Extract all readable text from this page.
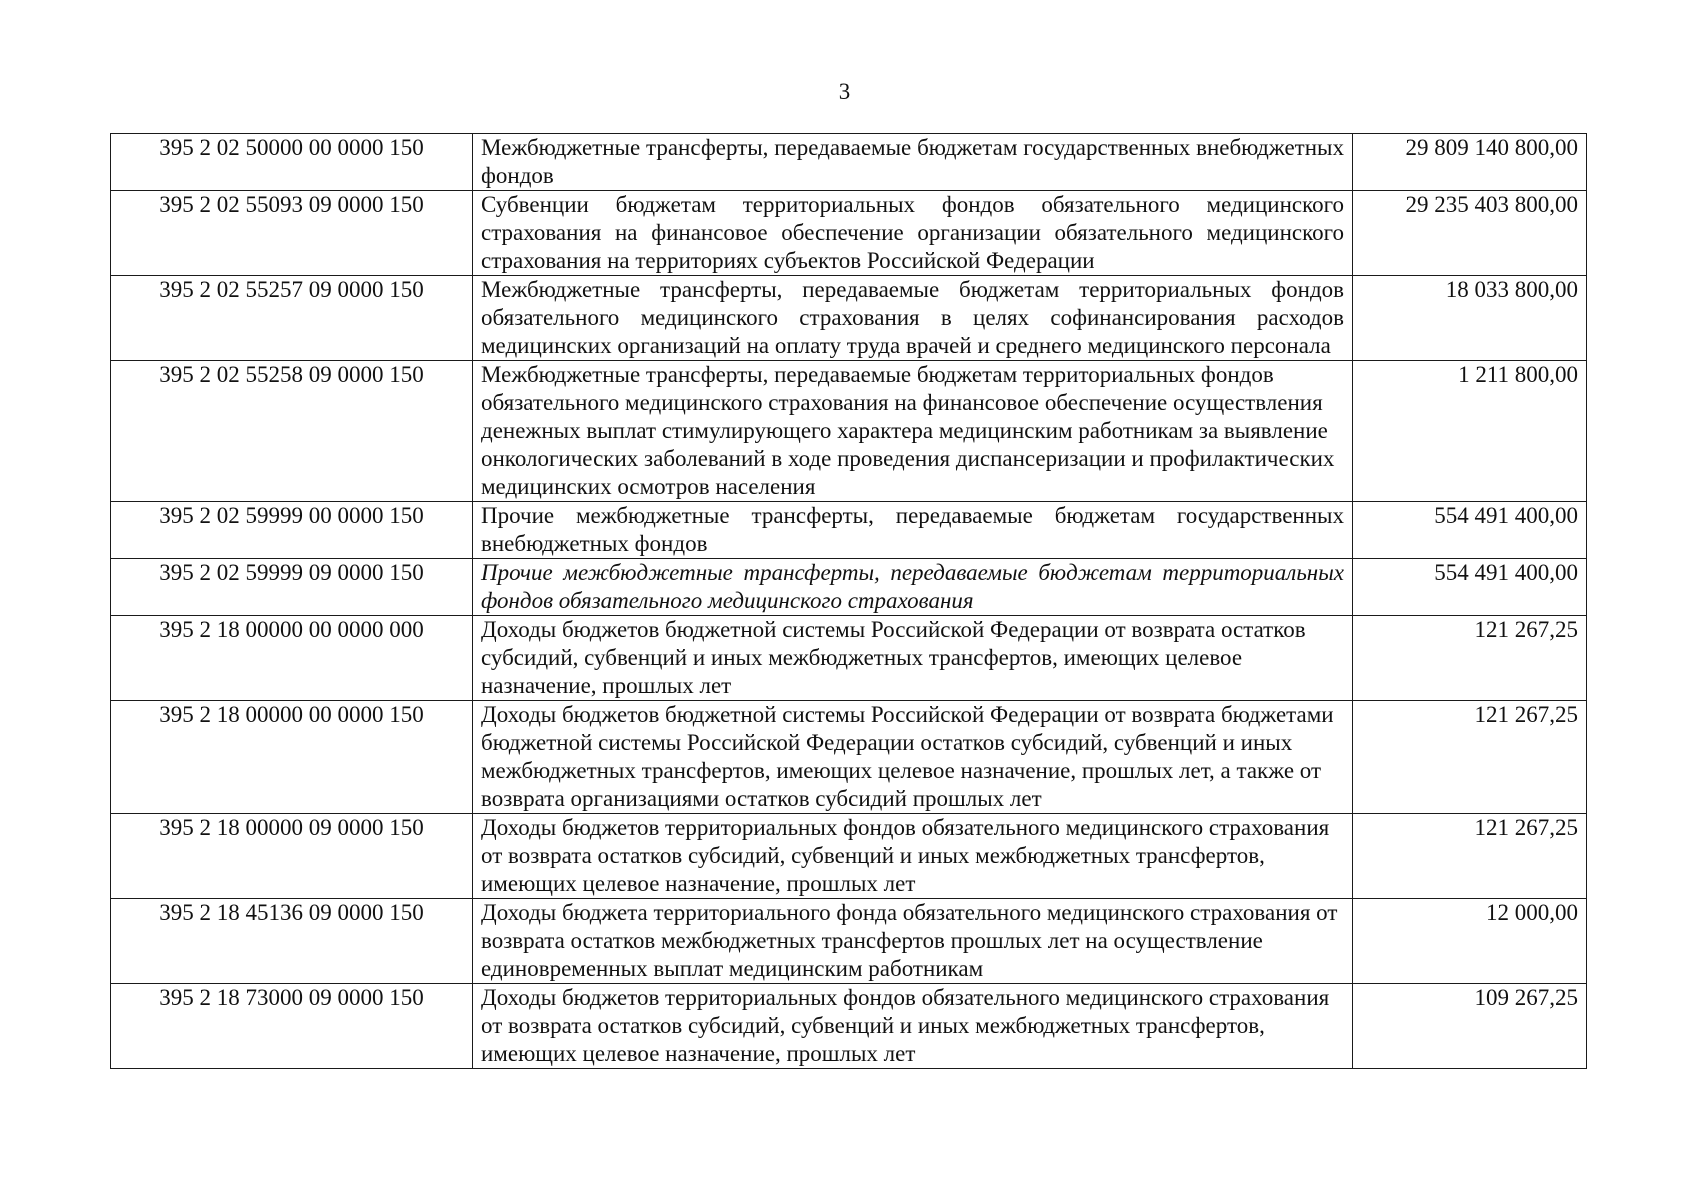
3
395 2 02 50000 00 0000 150	Межбюджетные трансферты, передаваемые бюджетам государственных внебюджетных фондов	29 809 140 800,00
395 2 02 55093 09 0000 150	Субвенции бюджетам территориальных фондов обязательного медицинского страхования на финансовое обеспечение организации обязательного медицинского страхования на территориях субъектов Российской Федерации	29 235 403 800,00
395 2 02 55257 09 0000 150	Межбюджетные трансферты, передаваемые бюджетам территориальных фондов обязательного медицинского страхования в целях софинансирования расходов медицинских организаций на оплату труда врачей и среднего медицинского персонала	18 033 800,00
395 2 02 55258 09 0000 150	Межбюджетные трансферты, передаваемые бюджетам территориальных фондов обязательного медицинского страхования на финансовое обеспечение осуществления денежных выплат стимулирующего характера медицинским работникам за выявление онкологических заболеваний в ходе проведения диспансеризации и профилактических медицинских осмотров населения	1 211 800,00
395 2 02 59999 00 0000 150	Прочие межбюджетные трансферты, передаваемые бюджетам государственных внебюджетных фондов	554 491 400,00
395 2 02 59999 09 0000 150	Прочие межбюджетные трансферты, передаваемые бюджетам территориальных фондов обязательного медицинского страхования	554 491 400,00
395 2 18 00000 00 0000 000	Доходы бюджетов бюджетной системы Российской Федерации от возврата остатков субсидий, субвенций и иных межбюджетных трансфертов, имеющих целевое назначение, прошлых лет	121 267,25
395 2 18 00000 00 0000 150	Доходы бюджетов бюджетной системы Российской Федерации от возврата бюджетами бюджетной системы Российской Федерации остатков субсидий, субвенций и иных межбюджетных трансфертов, имеющих целевое назначение, прошлых лет, а также от возврата организациями остатков субсидий прошлых лет	121 267,25
395 2 18 00000 09 0000 150	Доходы бюджетов территориальных фондов обязательного медицинского страхования от возврата остатков субсидий, субвенций и иных межбюджетных трансфертов, имеющих целевое назначение, прошлых лет	121 267,25
395 2 18 45136 09 0000 150	Доходы бюджета территориального фонда обязательного медицинского страхования от возврата остатков межбюджетных трансфертов прошлых лет на осуществление единовременных выплат медицинским работникам	12 000,00
395 2 18 73000 09 0000 150	Доходы бюджетов территориальных фондов обязательного медицинского страхования от возврата остатков субсидий, субвенций и иных межбюджетных трансфертов, имеющих целевое назначение, прошлых лет	109 267,25
